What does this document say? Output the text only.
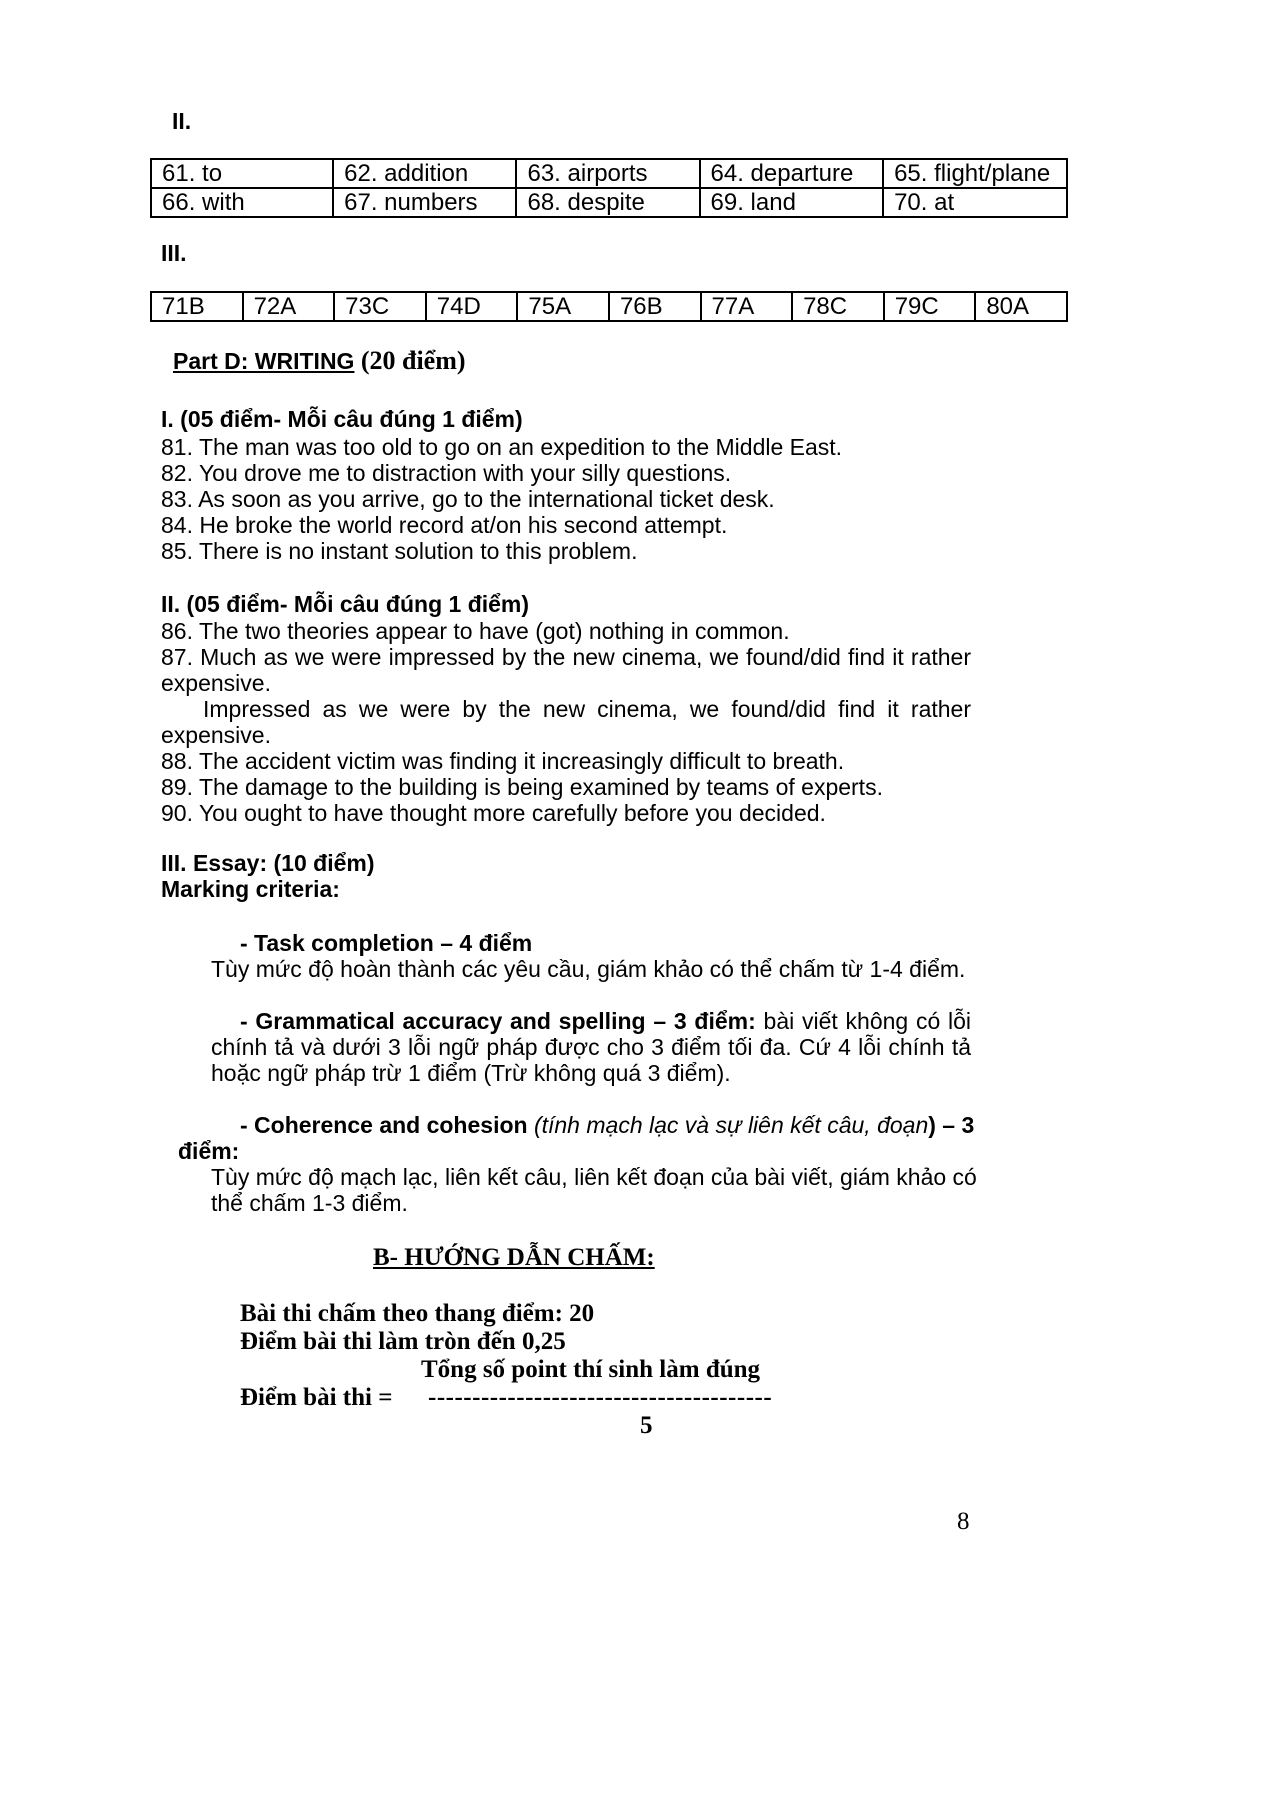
II.
61. to	62. addition	63. airports	64. departure	65. flight/plane
66. with	67. numbers	68. despite	69. land	70. at
III.
71B	72A	73C	74D	75A	76B	77A	78C	79C	80A
Part D: WRITING (20 điểm)
I. (05 điểm- Mỗi câu đúng 1 điểm)
81. The man was too old to go on an expedition to the Middle East.
82. You drove me to distraction with your silly questions.
83. As soon as you arrive, go to the international ticket desk.
84. He broke the world record at/on his second attempt.
85. There is no instant solution to this problem.
II. (05 điểm- Mỗi câu đúng 1 điểm)
86. The two theories appear to have (got) nothing in common.
87. Much as we were impressed by the new cinema, we found/did find it rather
expensive.
Impressed as we were by the new cinema, we found/did find it rather
expensive.
88. The accident victim was finding it increasingly difficult to breath.
89. The damage to the building is being examined by teams of experts.
90. You ought to have thought more carefully before you decided.
III. Essay: (10 điểm)
Marking criteria:
- Task completion – 4 điểm
Tùy mức độ hoàn thành các yêu cầu, giám khảo có thể chấm từ 1-4 điểm.
- Grammatical accuracy and spelling – 3 điểm: bài viết không có lỗi
chính tả và dưới 3 lỗi ngữ pháp được cho 3 điểm tối đa. Cứ 4 lỗi chính tả
hoặc ngữ pháp trừ 1 điểm (Trừ không quá 3 điểm).
- Coherence and cohesion (tính mạch lạc và sự liên kết câu, đoạn) – 3
điểm:
Tùy mức độ mạch lạc, liên kết câu, liên kết đoạn của bài viết, giám khảo có
thể chấm 1-3 điểm.
B- HƯỚNG DẪN CHẤM:
Bài thi chấm theo thang điểm: 20
Điểm bài thi làm tròn đến 0,25
Tổng số point thí sinh làm đúng
Điểm bài thi = ---------------------------------------
5
8
